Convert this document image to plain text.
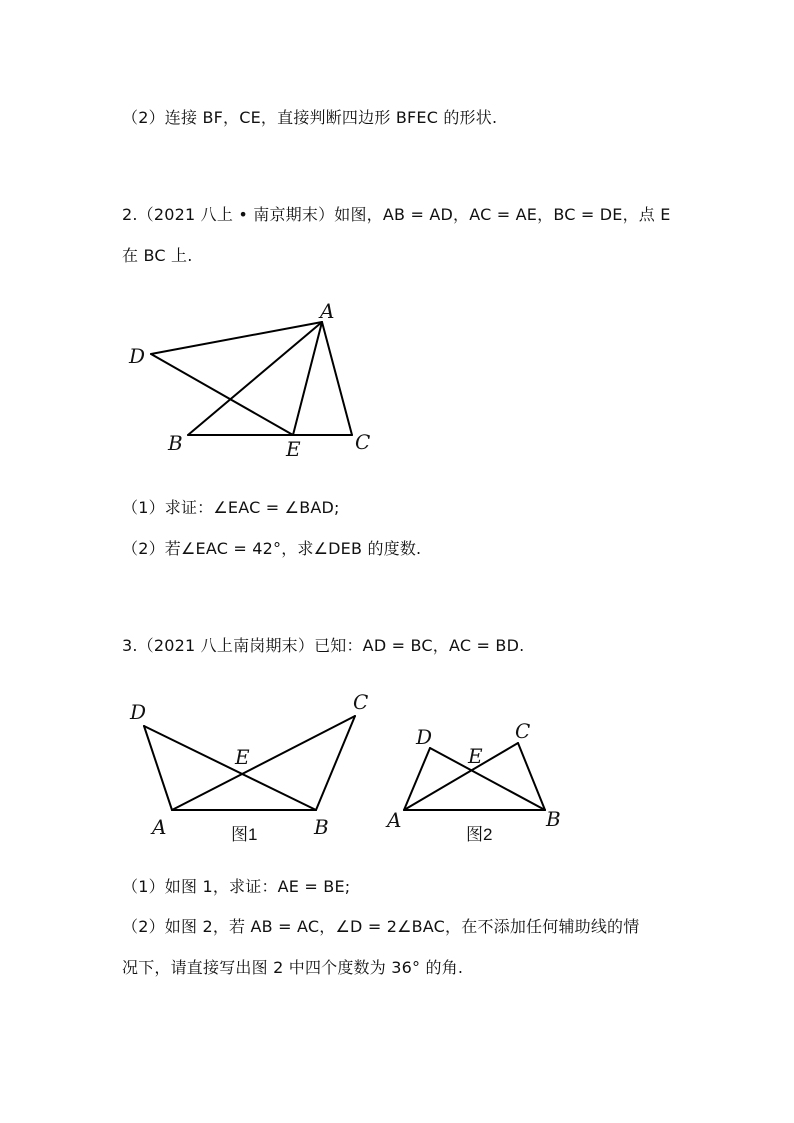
（2）连接 BF，CE，直接判断四边形 BFEC 的形状.
2.（2021 八上 • 南京期末）如图，AB = AD，AC = AE，BC = DE，点 E
在 BC 上.
A
D
B	E	C
（1）求证：∠EAC = ∠BAD;
（2）若∠EAC = 42°，求∠DEB 的度数.
3.（2021 八上南岗期末）已知：AD = BC，AC = BD.
D	C
E
A	B
图1
D	C
E
A	B
图2
（1）如图 1，求证：AE = BE;
（2）如图 2，若 AB = AC，∠D = 2∠BAC，在不添加任何辅助线的情
况下，请直接写出图 2 中四个度数为 36° 的角.
